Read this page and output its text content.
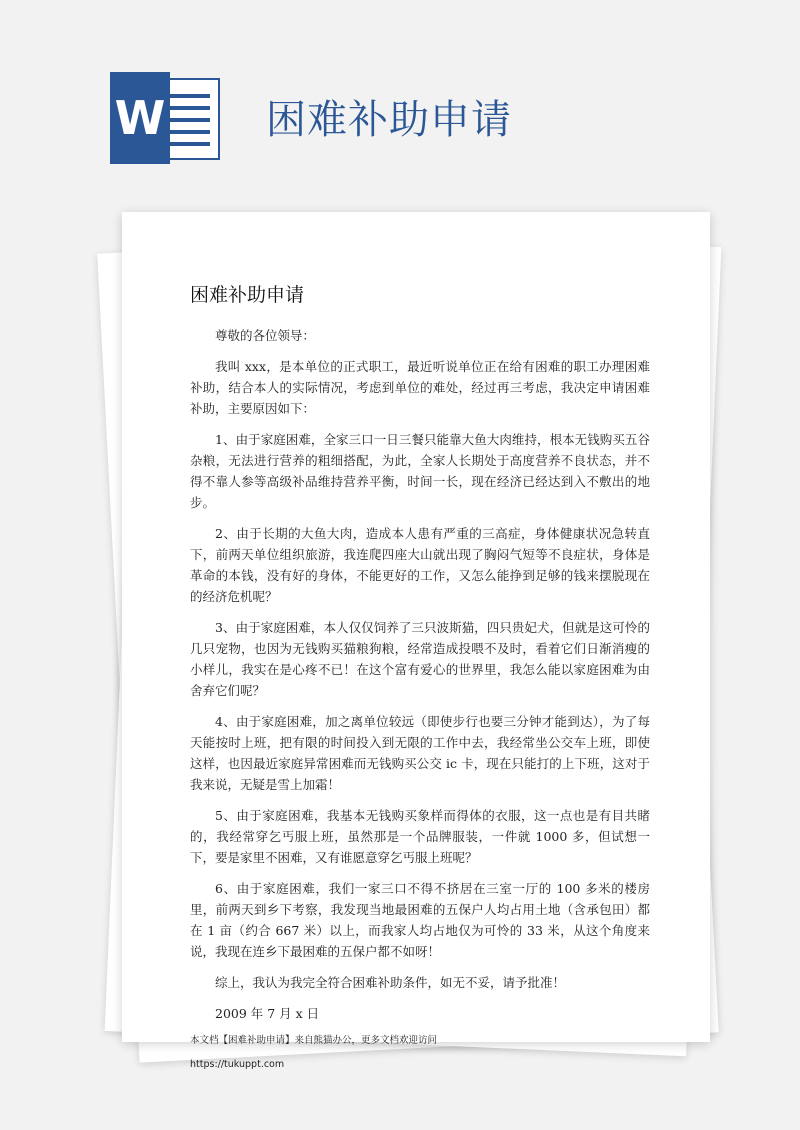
W	困难补助申请
困难补助申请

尊敬的各位领导：

我叫 xxx，是本单位的正式职工，最近听说单位正在给有困难的职工办理困难补助，结合本人的实际情况，考虑到单位的难处，经过再三考虑，我决定申请困难补助，主要原因如下：

1、由于家庭困难，全家三口一日三餐只能靠大鱼大肉维持，根本无钱购买五谷杂粮，无法进行营养的粗细搭配，为此，全家人长期处于高度营养不良状态，并不得不靠人参等高级补品维持营养平衡，时间一长，现在经济已经达到入不敷出的地步。

2、由于长期的大鱼大肉，造成本人患有严重的三高症，身体健康状况急转直下，前两天单位组织旅游，我连爬四座大山就出现了胸闷气短等不良症状，身体是革命的本钱，没有好的身体，不能更好的工作，又怎么能挣到足够的钱来摆脱现在的经济危机呢？

3、由于家庭困难，本人仅仅饲养了三只波斯猫，四只贵妃犬，但就是这可怜的几只宠物，也因为无钱购买猫粮狗粮，经常造成投喂不及时，看着它们日渐消瘦的小样儿，我实在是心疼不已！在这个富有爱心的世界里，我怎么能以家庭困难为由舍弃它们呢？

4、由于家庭困难，加之离单位较远（即使步行也要三分钟才能到达），为了每天能按时上班，把有限的时间投入到无限的工作中去，我经常坐公交车上班，即使这样，也因最近家庭异常困难而无钱购买公交 ic 卡，现在只能打的上下班，这对于我来说，无疑是雪上加霜！

5、由于家庭困难，我基本无钱购买象样而得体的衣服，这一点也是有目共睹的，我经常穿乞丐服上班，虽然那是一个品牌服装，一件就 1000 多，但试想一下，要是家里不困难，又有谁愿意穿乞丐服上班呢？

6、由于家庭困难，我们一家三口不得不挤居在三室一厅的 100 多米的楼房里，前两天到乡下考察，我发现当地最困难的五保户人均占用土地（含承包田）都在 1 亩（约合 667 米）以上，而我家人均占地仅为可怜的 33 米，从这个角度来说，我现在连乡下最困难的五保户都不如呀！

综上，我认为我完全符合困难补助条件，如无不妥，请予批准！

2009 年 7 月 x 日

本文档【困难补助申请】来自熊猫办公，更多文档欢迎访问
https://tukuppt.com
